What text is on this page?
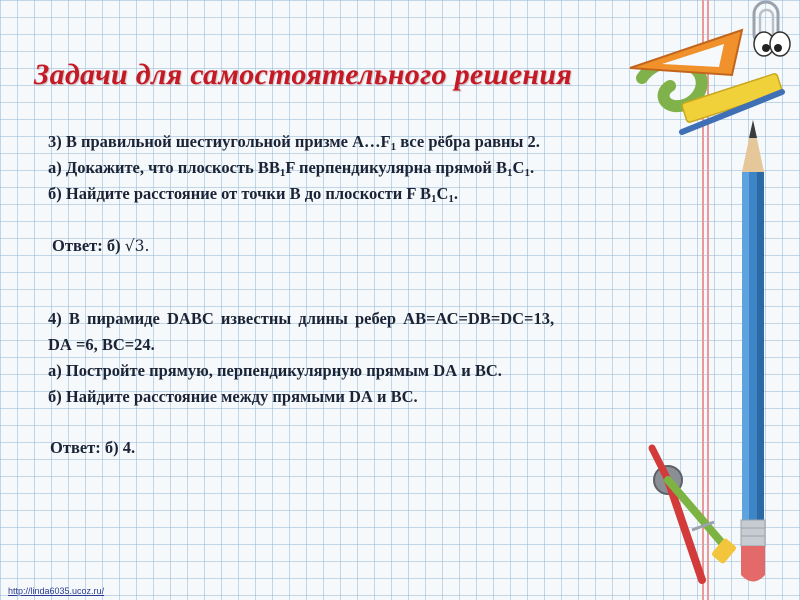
Задачи для самостоятельного решения
3) В правильной шестиугольной призме $А\dots F_1$ все рёбра равны 2.
а) Докажите, что плоскость $ВВ_1F$ перпендикулярна прямой $В_1С_1$.
б) Найдите расстояние от точки В до плоскости F $В_1С_1$.
Ответ: б) √3.
4) В пирамиде DABC известны длины ребер АВ=АС=DВ=DС=13,
DА =6, ВС=24.
а) Постройте прямую, перпендикулярную прямым DА и ВС.
б) Найдите расстояние между прямыми DА и ВС.
Ответ: б) 4.
http://linda6035.ucoz.ru/
